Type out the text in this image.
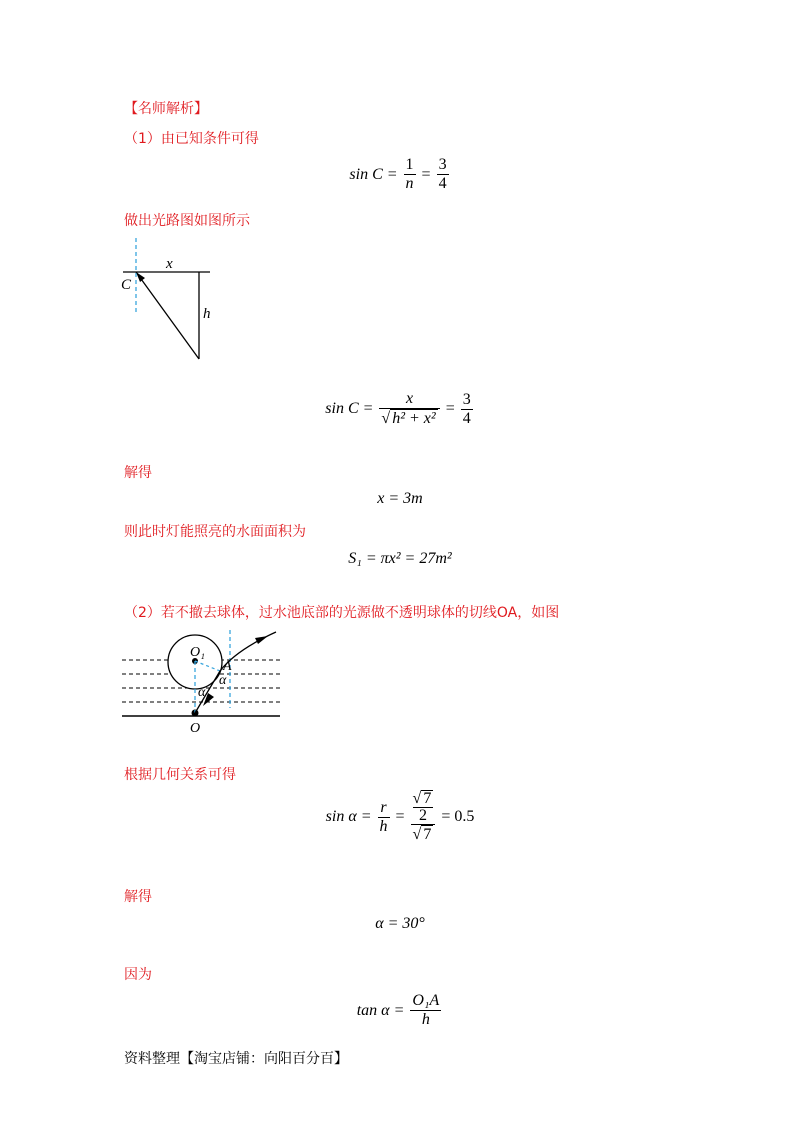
【名师解析】
（1）由已知条件可得
$\sin C = \frac{1}{n} = \frac{3}{4}$
做出光路图如图所示
x
C
h
$\sin C = \frac{x}{\text{√ h² + x²}} = \frac{3}{4}$
解得
x = 3m
则此时灯能照亮的水面面积为
S₁ = πx² = 27m²
（2）若不撤去球体，过水池底部的光源做不透明球体的切线OA，如图
O₁
A
α
α
O
根据几何关系可得
$\sin \alpha = \frac{r}{h}$ = √ 7
2
√ 7 = 0.5
解得
α = 30°
因为
$\tan \alpha = \frac{\text{O₁A}}{h}$
资料整理【淘宝店铺：向阳百分百】
